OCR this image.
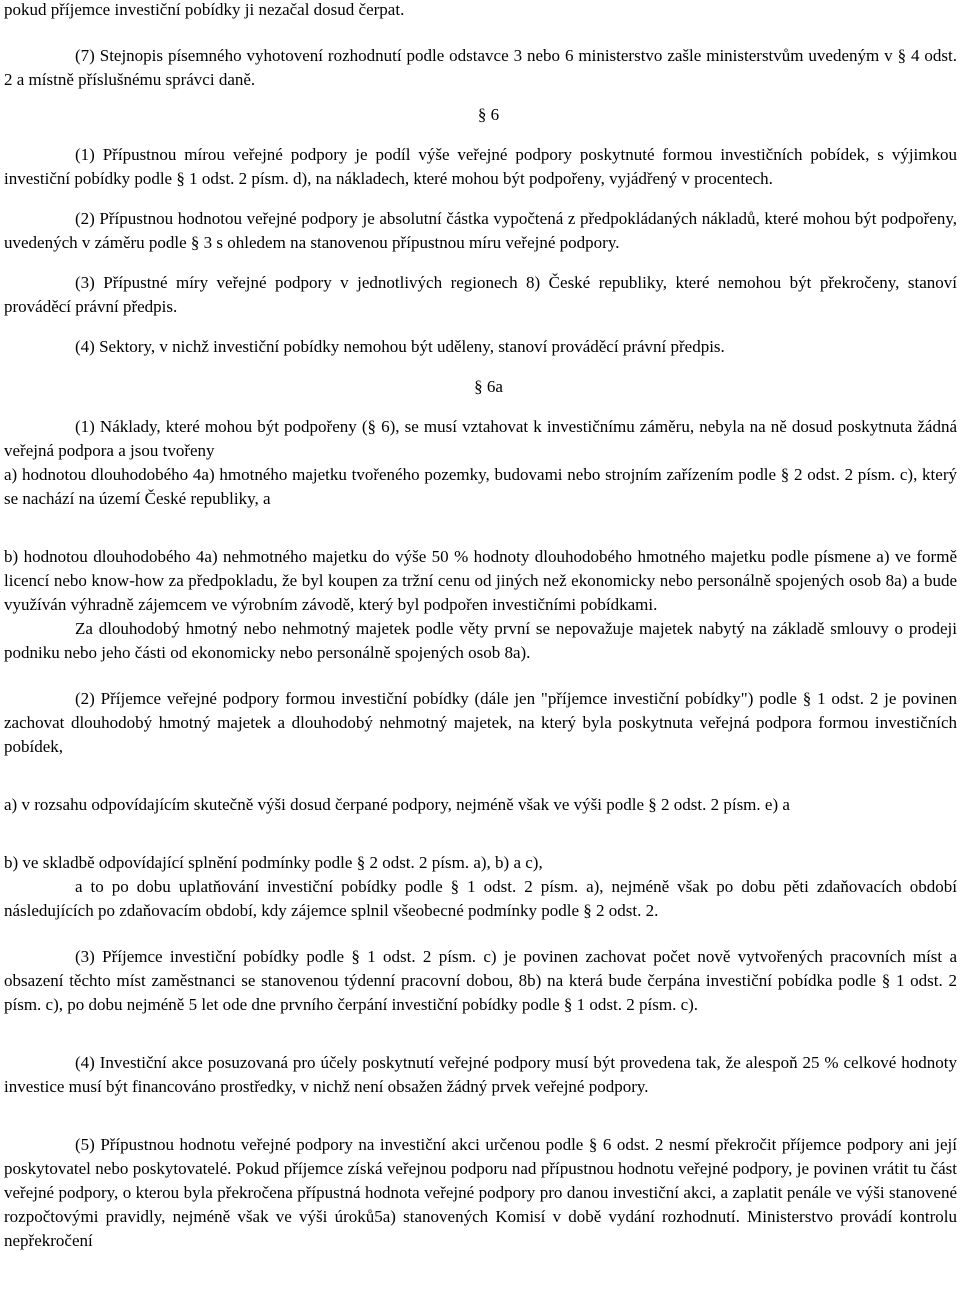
pokud příjemce investiční pobídky ji nezačal dosud čerpat.

(7) Stejnopis písemného vyhotovení rozhodnutí podle odstavce 3 nebo 6 ministerstvo zašle ministerstvům uvedeným v § 4 odst. 2 a místně příslušnému správci daně.

§ 6

(1) Přípustnou mírou veřejné podpory je podíl výše veřejné podpory poskytnuté formou investičních pobídek, s výjimkou investiční pobídky podle § 1 odst. 2 písm. d), na nákladech, které mohou být podpořeny, vyjádřený v procentech.

(2) Přípustnou hodnotou veřejné podpory je absolutní částka vypočtená z předpokládaných nákladů, které mohou být podpořeny, uvedených v záměru podle § 3 s ohledem na stanovenou přípustnou míru veřejné podpory.

(3) Přípustné míry veřejné podpory v jednotlivých regionech 8) České republiky, které nemohou být překročeny, stanoví prováděcí právní předpis.

(4) Sektory, v nichž investiční pobídky nemohou být uděleny, stanoví prováděcí právní předpis.

§ 6a

(1) Náklady, které mohou být podpořeny (§ 6), se musí vztahovat k investičnímu záměru, nebyla na ně dosud poskytnuta žádná veřejná podpora a jsou tvořeny

a) hodnotou dlouhodobého 4a) hmotného majetku tvořeného pozemky, budovami nebo strojním zařízením podle § 2 odst. 2 písm. c), který se nachází na území České republiky, a

b) hodnotou dlouhodobého 4a) nehmotného majetku do výše 50 % hodnoty dlouhodobého hmotného majetku podle písmene a) ve formě licencí nebo know-how za předpokladu, že byl koupen za tržní cenu od jiných než ekonomicky nebo personálně spojených osob 8a) a bude využíván výhradně zájemcem ve výrobním závodě, který byl podpořen investičními pobídkami.

Za dlouhodobý hmotný nebo nehmotný majetek podle věty první se nepovažuje majetek nabytý na základě smlouvy o prodeji podniku nebo jeho části od ekonomicky nebo personálně spojených osob 8a).

(2) Příjemce veřejné podpory formou investiční pobídky (dále jen "příjemce investiční pobídky") podle § 1 odst. 2 je povinen zachovat dlouhodobý hmotný majetek a dlouhodobý nehmotný majetek, na který byla poskytnuta veřejná podpora formou investičních pobídek,

a) v rozsahu odpovídajícím skutečně výši dosud čerpané podpory, nejméně však ve výši podle § 2 odst. 2 písm. e) a

b) ve skladbě odpovídající splnění podmínky podle § 2 odst. 2 písm. a), b) a c),

a to po dobu uplatňování investiční pobídky podle § 1 odst. 2 písm. a), nejméně však po dobu pěti zdaňovacích období následujících po zdaňovacím období, kdy zájemce splnil všeobecné podmínky podle § 2 odst. 2.

(3) Příjemce investiční pobídky podle § 1 odst. 2 písm. c) je povinen zachovat počet nově vytvořených pracovních míst a obsazení těchto míst zaměstnanci se stanovenou týdenní pracovní dobou, 8b) na která bude čerpána investiční pobídka podle § 1 odst. 2 písm. c), po dobu nejméně 5 let ode dne prvního čerpání investiční pobídky podle § 1 odst. 2 písm. c).

(4) Investiční akce posuzovaná pro účely poskytnutí veřejné podpory musí být provedena tak, že alespoň 25 % celkové hodnoty investice musí být financováno prostředky, v nichž není obsažen žádný prvek veřejné podpory.

(5) Přípustnou hodnotu veřejné podpory na investiční akci určenou podle § 6 odst. 2 nesmí překročit příjemce podpory ani její poskytovatel nebo poskytovatelé. Pokud příjemce získá veřejnou podporu nad přípustnou hodnotu veřejné podpory, je povinen vrátit tu část veřejné podpory, o kterou byla překročena přípustná hodnota veřejné podpory pro danou investiční akci, a zaplatit penále ve výši stanovené rozpočtovými pravidly, nejméně však ve výši úroků5a) stanovených Komisí v době vydání rozhodnutí. Ministerstvo provádí kontrolu nepřekročení
